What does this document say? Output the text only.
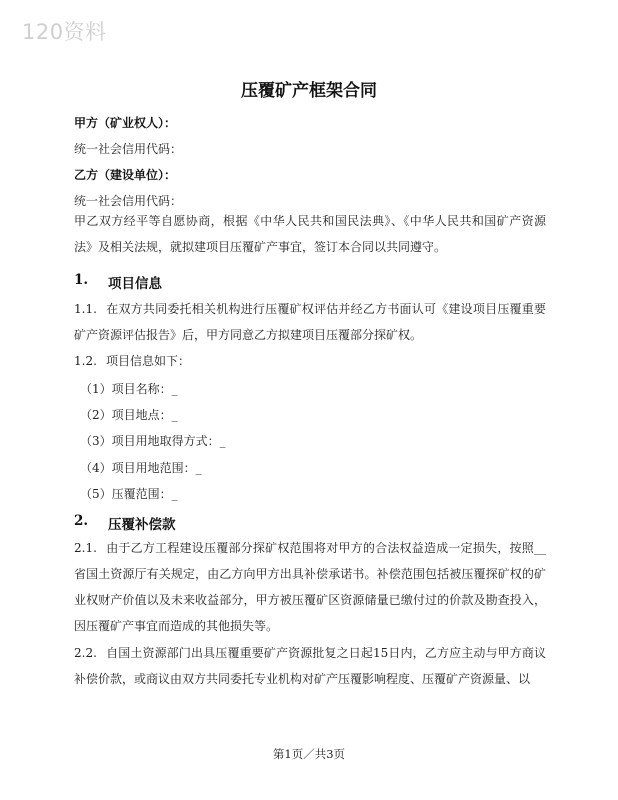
120资料
压覆矿产框架合同
甲方（矿业权人）：
统一社会信用代码：
乙方（建设单位）：
统一社会信用代码：
甲乙双方经平等自愿协商，根据《中华人民共和国民法典》、《中华人民共和国矿产资源法》及相关法规，就拟建项目压覆矿产事宜，签订本合同以共同遵守。
1. 项目信息
1.1. 在双方共同委托相关机构进行压覆矿权评估并经乙方书面认可《建设项目压覆重要矿产资源评估报告》后，甲方同意乙方拟建项目压覆部分探矿权。
1.2. 项目信息如下：
（1）项目名称：_
（2）项目地点：_
（3）项目用地取得方式：_
（4）项目用地范围：_
（5）压覆范围：_
2. 压覆补偿款
2.1. 由于乙方工程建设压覆部分探矿权范围将对甲方的合法权益造成一定损失，按照__省国土资源厅有关规定，由乙方向甲方出具补偿承诺书。补偿范围包括被压覆探矿权的矿业权财产价值以及未来收益部分，甲方被压覆矿区资源储量已缴付过的价款及勘查投入，因压覆矿产事宜而造成的其他损失等。
2.2. 自国土资源部门出具压覆重要矿产资源批复之日起15日内，乙方应主动与甲方商议补偿价款，或商议由双方共同委托专业机构对矿产压覆影响程度、压覆矿产资源量、以
第1页／共3页
